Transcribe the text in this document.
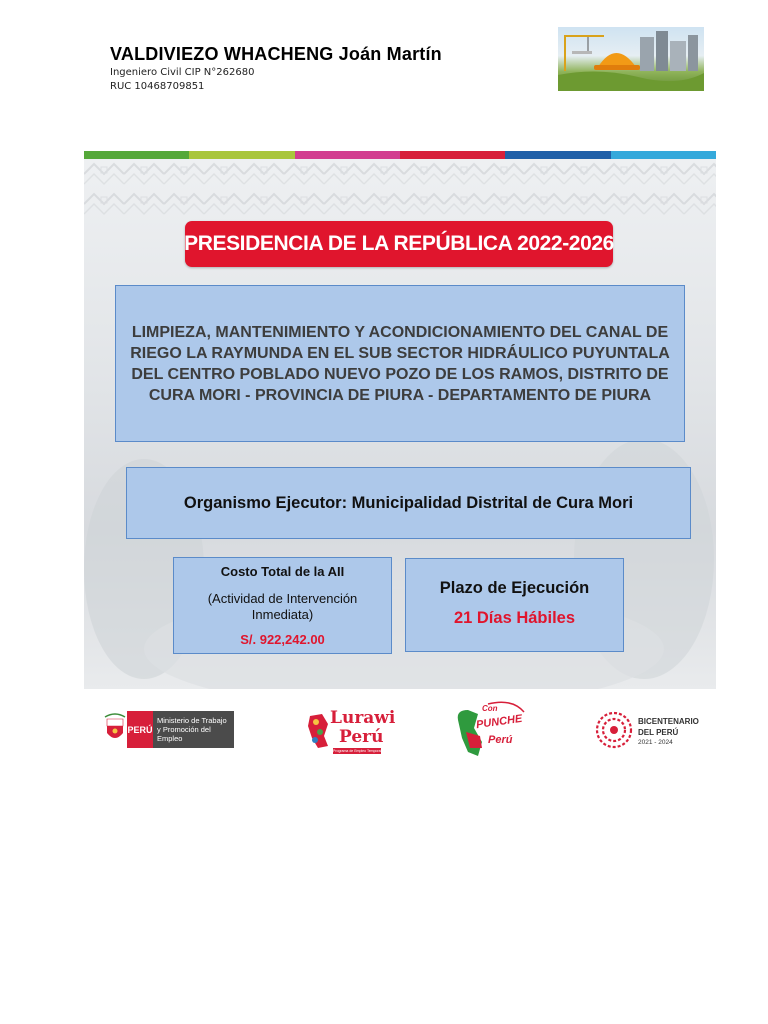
VALDIVIEZO WHACHENG Joán Martín
Ingeniero Civil CIP N°262680
RUC 10468709851
PRESIDENCIA DE LA REPÚBLICA 2022-2026
LIMPIEZA, MANTENIMIENTO Y ACONDICIONAMIENTO DEL CANAL DE RIEGO LA RAYMUNDA EN EL SUB SECTOR HIDRÁULICO PUYUNTALA DEL CENTRO POBLADO NUEVO POZO DE LOS RAMOS, DISTRITO DE CURA MORI - PROVINCIA DE PIURA - DEPARTAMENTO DE PIURA
Organismo Ejecutor: Municipalidad Distrital de Cura Mori
Costo Total de la AII
(Actividad de Intervención Inmediata)
S/. 922,242.00
Plazo de Ejecución
21 Días Hábiles
PERÚ
Ministerio de Trabajo
y Promoción del Empleo
Lurawi
Perú
Programa de Empleo Temporal
Con
PUNCHE
Perú
BICENTENARIO
DEL PERÚ
2021 - 2024
